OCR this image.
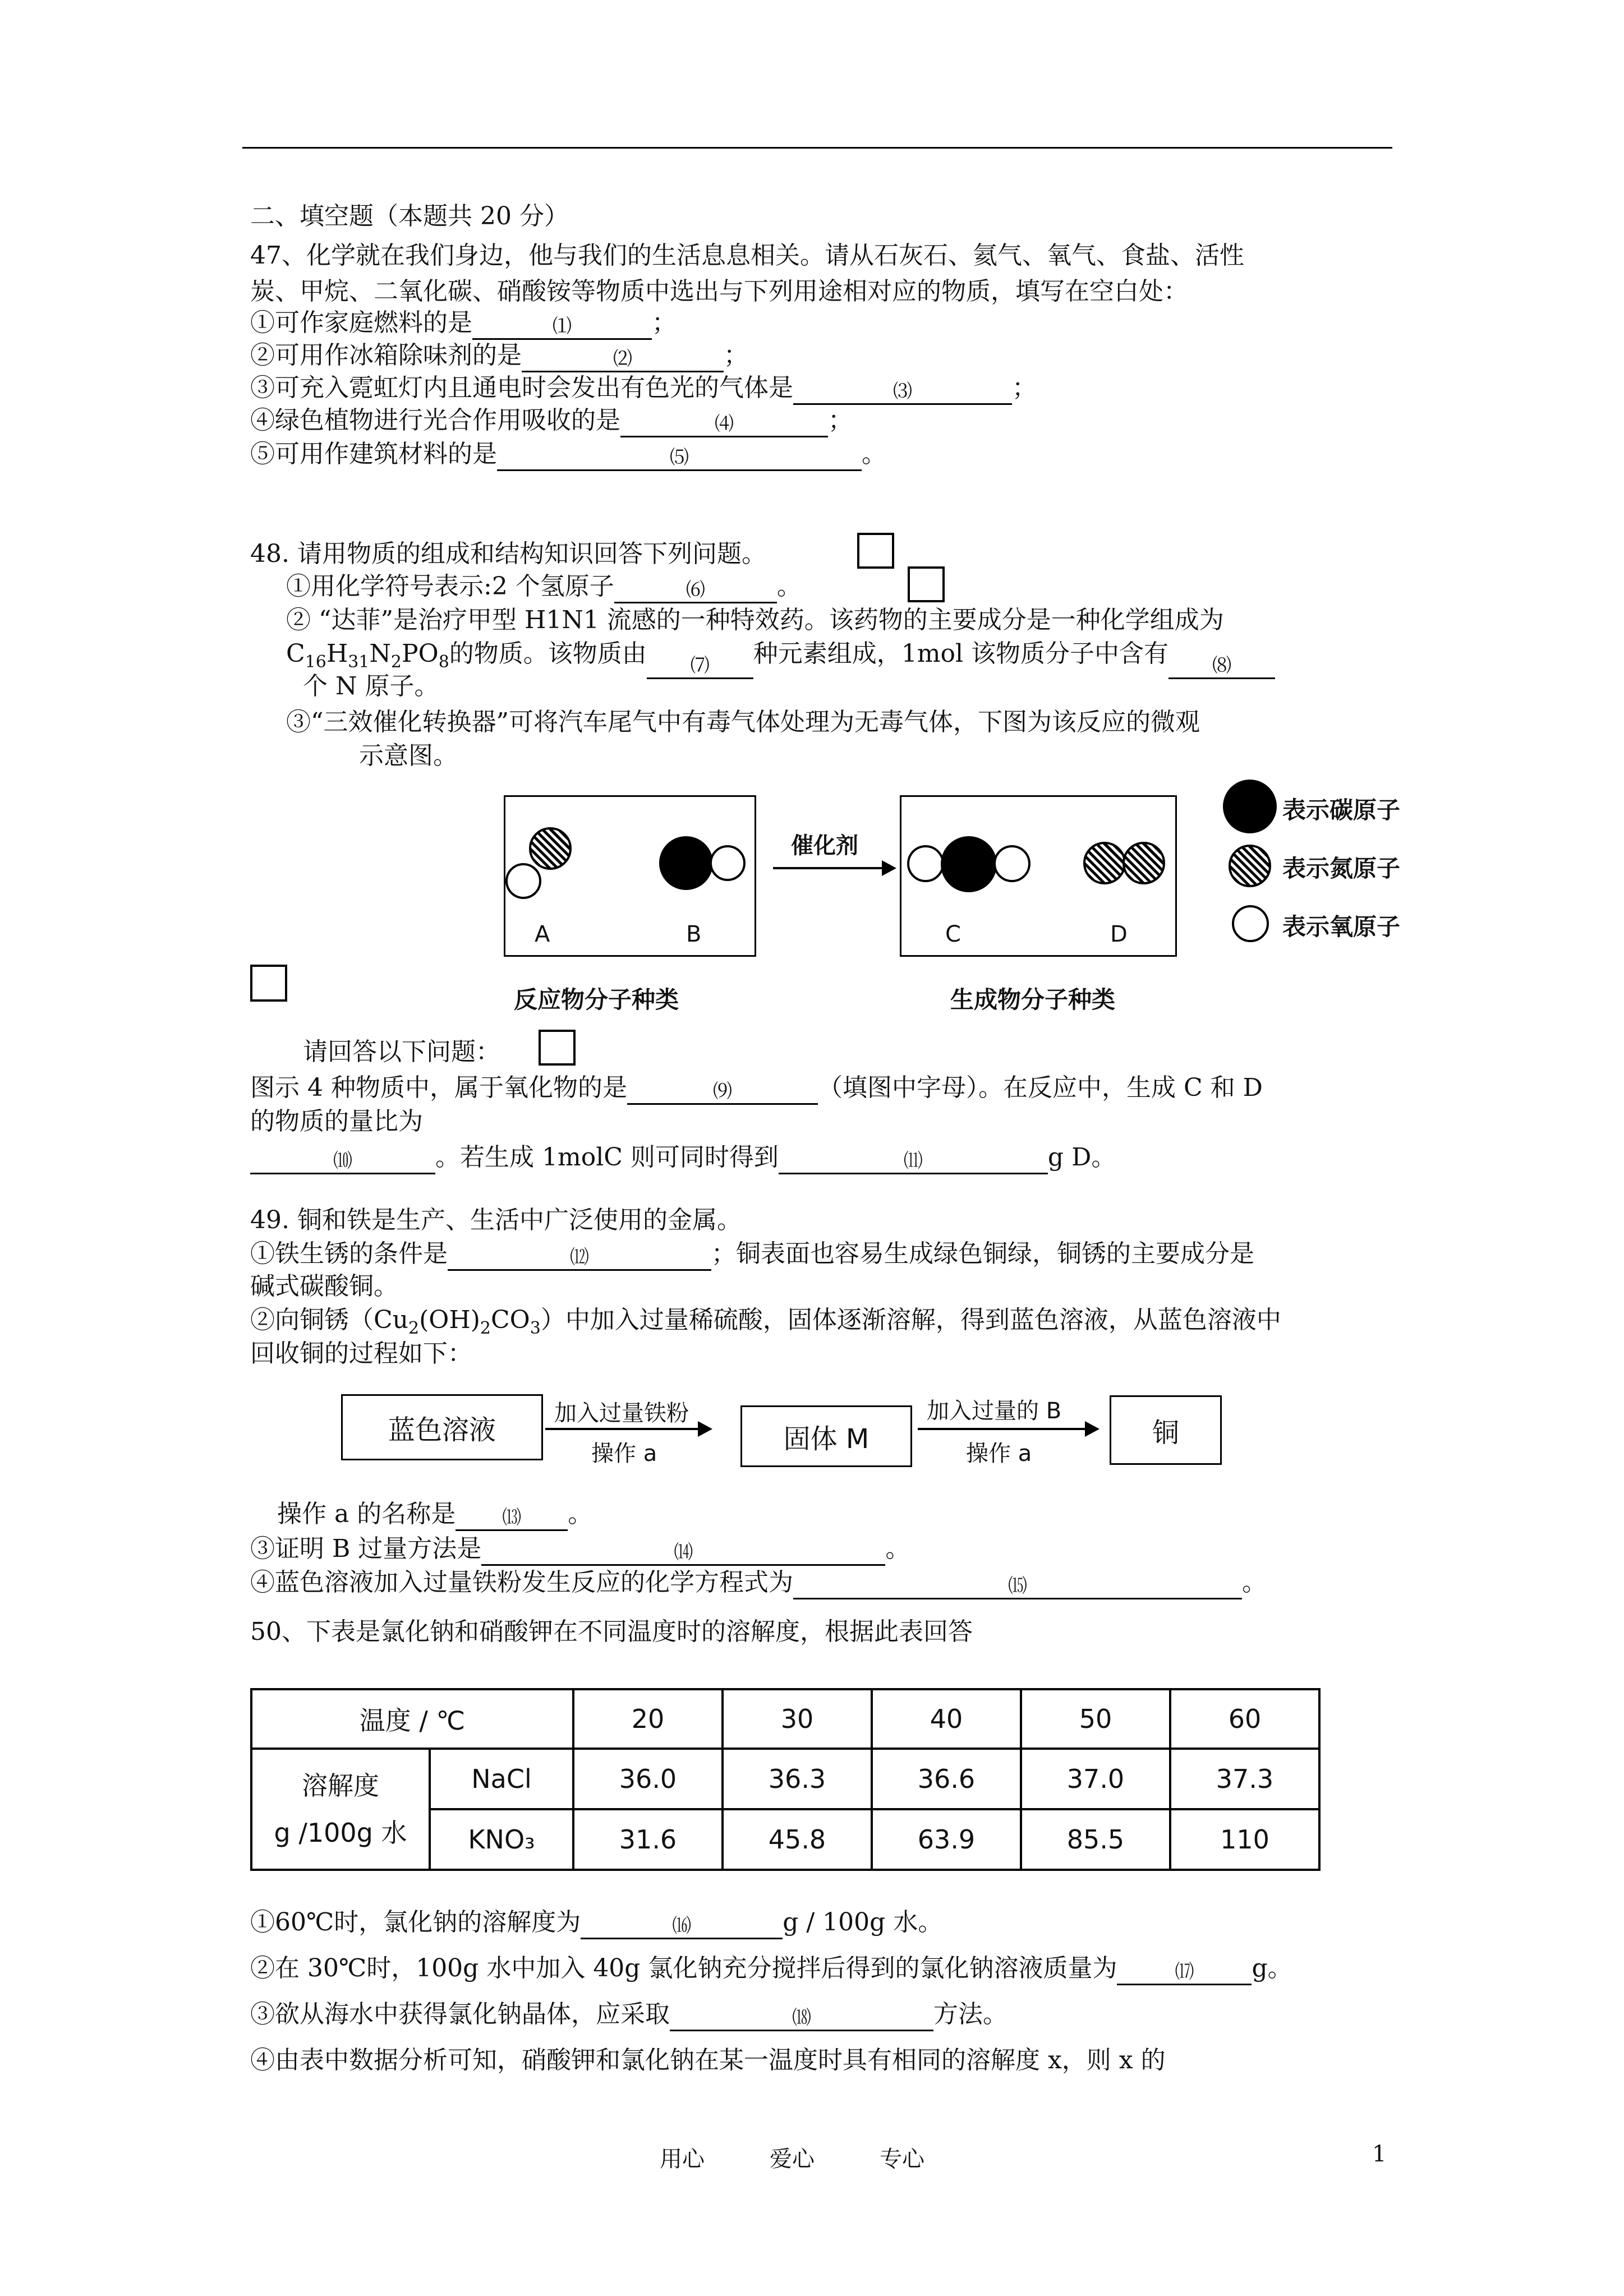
二、填空题（本题共 20 分）
47、化学就在我们身边，他与我们的生活息息相关。请从石灰石、氦气、氧气、食盐、活性
炭、甲烷、二氧化碳、硝酸铵等物质中选出与下列用途相对应的物质，填写在空白处：
①可作家庭燃料的是	⑴	；
②可用作冰箱除味剂的是	⑵	；
③可充入霓虹灯内且通电时会发出有色光的气体是	⑶	；
④绿色植物进行光合作用吸收的是	⑷	；
⑤可用作建筑材料的是	⑸	。
48. 请用物质的组成和结构知识回答下列问题。
①用化学符号表示:2 个氢原子	⑹	。
② “达菲”是治疗甲型 H1N1 流感的一种特效药。该药物的主要成分是一种化学组成为
$C_{16}H_{31}N_2PO_8$的物质。该物质由 ⑺ 种元素组成，1mol 该物质分子中含有 ⑻
个 N 原子。
③“三效催化转换器”可将汽车尾气中有毒气体处理为无毒气体，下图为该反应的微观
示意图。
A	B
催化剂
C	D
表示碳原子
表示氮原子
表示氧原子
反应物分子种类	生成物分子种类
请回答以下问题：
图示 4 种物质中，属于氧化物的是	⑼	（填图中字母）。在反应中，生成 C 和 D
的物质的量比为
⑽	。若生成 1molC 则可同时得到	⑾	g D。
49. 铜和铁是生产、生活中广泛使用的金属。
①铁生锈的条件是	⑿	；铜表面也容易生成绿色铜绿，铜锈的主要成分是
碱式碳酸铜。
②向铜锈$(Cu_2(OH)_2CO_3)$中加入过量稀硫酸，固体逐渐溶解，得到蓝色溶液，从蓝色溶液中
回收铜的过程如下：
蓝色溶液
加入过量铁粉
操作 a	固体 M
加入过量的 B
操作 a
铜
操作 a 的名称是 ⒀ 。
③证明 B 过量方法是	⒁	。
④蓝色溶液加入过量铁粉发生反应的化学方程式为	⒂	。
50、下表是氯化钠和硝酸钾在不同温度时的溶解度，根据此表回答
温度 / ℃		20	30	40	50	60

溶解度
g /100g 水	NaCl	36.0	36.3	36.6	37.0	37.3
	KNO₃	31.6	45.8	63.9	85.5	110
①60℃时，氯化钠的溶解度为	⒃	g / 100g 水。
②在 30℃时，100g 水中加入 40g 氯化钠充分搅拌后得到的氯化钠溶液质量为	⒄ g。
③欲从海水中获得氯化钠晶体，应采取	⒅	方法。
④由表中数据分析可知，硝酸钾和氯化钠在某一温度时具有相同的溶解度 x，则 x 的
用心	爱心	专心	1
